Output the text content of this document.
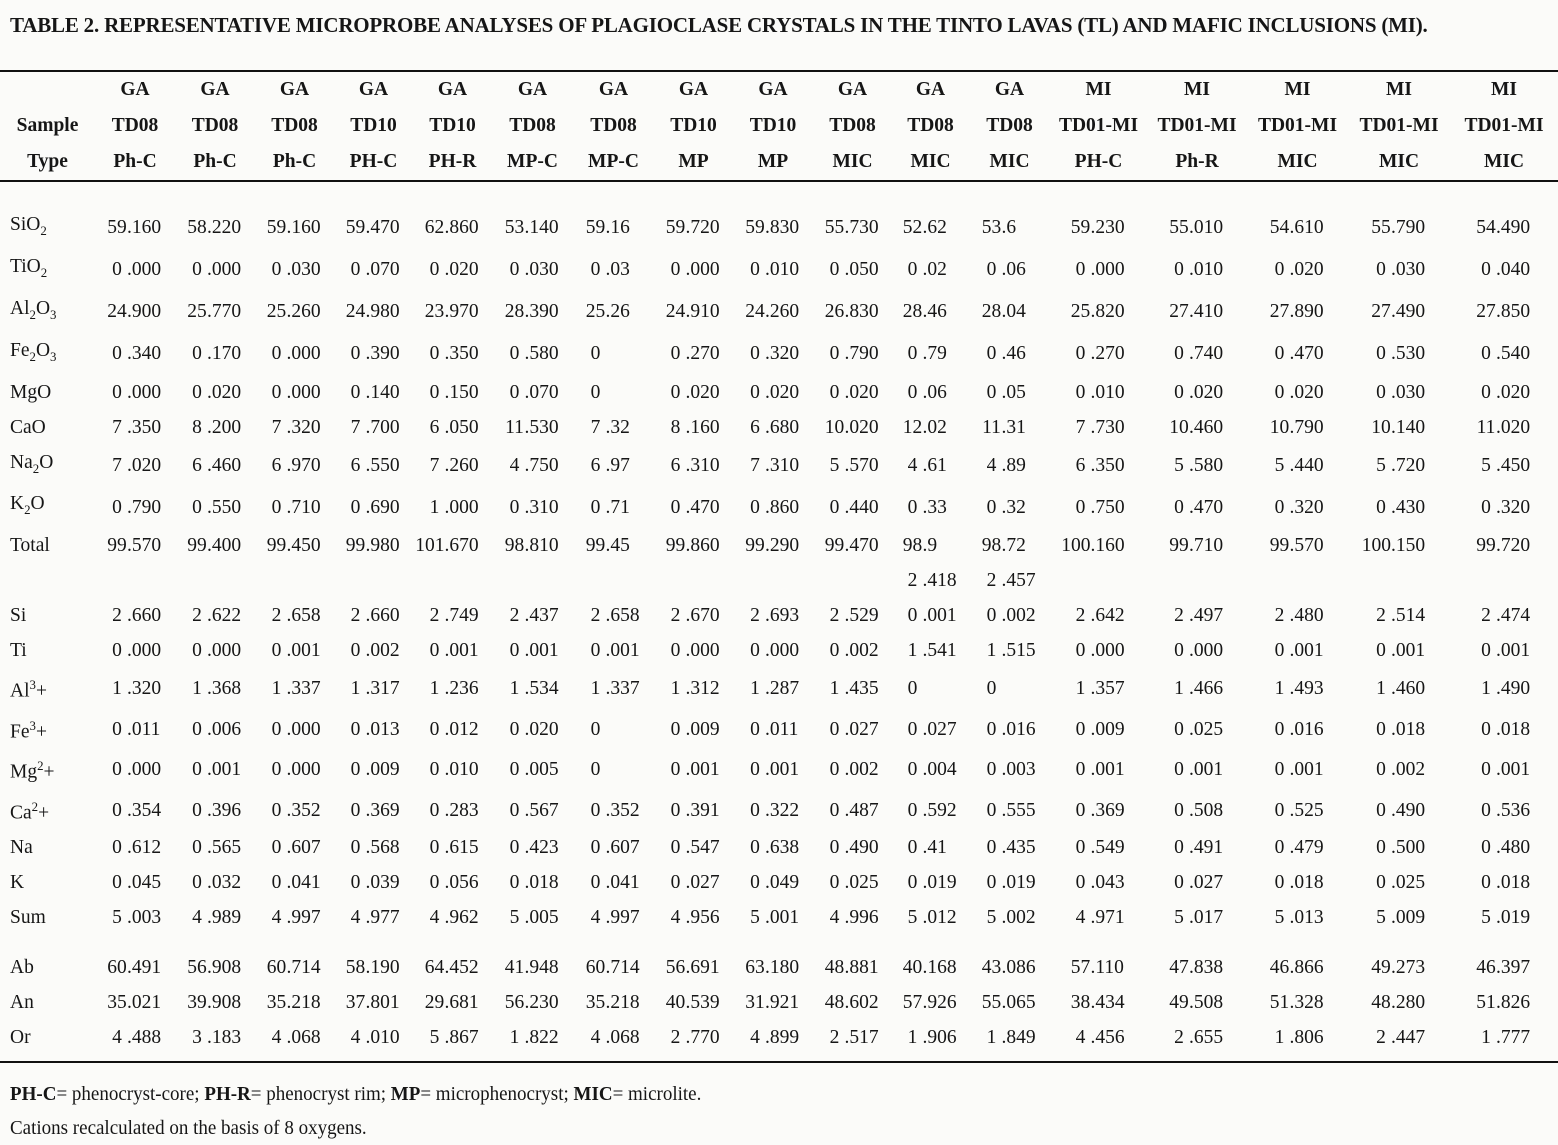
TABLE 2. REPRESENTATIVE MICROPROBE ANALYSES OF PLAGIOCLASE CRYSTALS IN THE TINTO LAVAS (TL) AND MAFIC INCLUSIONS (MI).
	GA	GA	GA	GA	GA	GA	GA	GA	GA	GA	GA	GA	MI	MI	MI	MI	MI
Sample	TD08	TD08	TD08	TD10	TD10	TD08	TD08	TD10	TD10	TD08	TD08	TD08	TD01-MI	TD01-MI	TD01-MI	TD01-MI	TD01-MI
Type	Ph-C	Ph-C	Ph-C	PH-C	PH-R	MP-C	MP-C	MP	MP	MIC	MIC	MIC	PH-C	Ph-R	MIC	MIC	MIC
SiO$_2$	59 .160	58 .220	59 .160	59 .470	62 .860	53 .140	59 .16	59 .720	59 .830	55 .730	52 .62	53 .6	59 .230	55 .010	54 .610	55 .790	54 .490

TiO$_2$	0 .000	0 .000	0 .030	0 .070	0 .020	0 .030	0 .03	0 .000	0 .010	0 .050	0 .02	0 .06	0 .000	0 .010	0 .020	0 .030	0 .040

$Al_2O_3$	24 .900	25 .770	25 .260	24 .980	23 .970	28 .390	25 .26	24 .910	24 .260	26 .830	28 .46	28 .04	25 .820	27 .410	27 .890	27 .490	27 .850

$Fe_2O_3$	0 .340	0 .170	0 .000	0 .390	0 .350	0 .580	0	0 .270	0 .320	0 .790	0 .79	0 .46	0 .270	0 .740	0 .470	0 .530	0 .540

MgO	0 .000	0 .020	0 .000	0 .140	0 .150	0 .070	0	0 .020	0 .020	0 .020	0 .06	0 .05	0 .010	0 .020	0 .020	0 .030	0 .020

CaO	7 .350	8 .200	7 .320	7 .700	6 .050	11 .530	7 .32	8 .160	6 .680	10 .020	12 .02	11 .31	7 .730	10 .460	10 .790	10 .140	11 .020

$Na_2O$	7 .020	6 .460	6 .970	6 .550	7 .260	4 .750	6 .97	6 .310	7 .310	5 .570	4 .61	4 .89	6 .350	5 .580	5 .440	5 .720	5 .450

$K_2O$	0 .790	0 .550	0 .710	0 .690	1 .000	0 .310	0 .71	0 .470	0 .860	0 .440	0 .33	0 .32	0 .750	0 .470	0 .320	0 .430	0 .320

Total	99 .570	99 .400	99 .450	99 .980	101 .670	98 .810	99 .45	99 .860	99 .290	99 .470	98 .9	98 .72	100 .160	99 .710	99 .570	100 .150	99 .720

											2 .418	2 .457					

Si	2 .660	2 .622	2 .658	2 .660	2 .749	2 .437	2 .658	2 .670	2 .693	2 .529	0 .001	0 .002	2 .642	2 .497	2 .480	2 .514	2 .474

Ti	0 .000	0 .000	0 .001	0 .002	0 .001	0 .001	0 .001	0 .000	0 .000	0 .002	1 .541	1 .515	0 .000	0 .000	0 .001	0 .001	0 .001

$Al^3+$	1 .320	1 .368	1 .337	1 .317	1 .236	1 .534	1 .337	1 .312	1 .287	1 .435	0	0	1 .357	1 .466	1 .493	1 .460	1 .490

$Fe^3+$	0 .011	0 .006	0 .000	0 .013	0 .012	0 .020	0	0 .009	0 .011	0 .027	0 .027	0 .016	0 .009	0 .025	0 .016	0 .018	0 .018

$Mg^2+$	0 .000	0 .001	0 .000	0 .009	0 .010	0 .005	0	0 .001	0 .001	0 .002	0 .004	0 .003	0 .001	0 .001	0 .001	0 .002	0 .001

$Ca^2+$	0 .354	0 .396	0 .352	0 .369	0 .283	0 .567	0 .352	0 .391	0 .322	0 .487	0 .592	0 .555	0 .369	0 .508	0 .525	0 .490	0 .536

Na	0 .612	0 .565	0 .607	0 .568	0 .615	0 .423	0 .607	0 .547	0 .638	0 .490	0 .41	0 .435	0 .549	0 .491	0 .479	0 .500	0 .480

K	0 .045	0 .032	0 .041	0 .039	0 .056	0 .018	0 .041	0 .027	0 .049	0 .025	0 .019	0 .019	0 .043	0 .027	0 .018	0 .025	0 .018

Sum	5 .003	4 .989	4 .997	4 .977	4 .962	5 .005	4 .997	4 .956	5 .001	4 .996	5 .012	5 .002	4 .971	5 .017	5 .013	5 .009	5 .019

Ab	60 .491	56 .908	60 .714	58 .190	64 .452	41 .948	60 .714	56 .691	63 .180	48 .881	40 .168	43 .086	57 .110	47 .838	46 .866	49 .273	46 .397

An	35 .021	39 .908	35 .218	37 .801	29 .681	56 .230	35 .218	40 .539	31 .921	48 .602	57 .926	55 .065	38 .434	49 .508	51 .328	48 .280	51 .826

Or	4 .488	3 .183	4 .068	4 .010	5 .867	1 .822	4 .068	2 .770	4 .899	2 .517	1 .906	1 .849	4 .456	2 .655	1 .806	2 .447	1 .777
PH-C= phenocryst-core; PH-R= phenocryst rim; MP= microphenocryst; MIC= microlite.
Cations recalculated on the basis of 8 oxygens.
